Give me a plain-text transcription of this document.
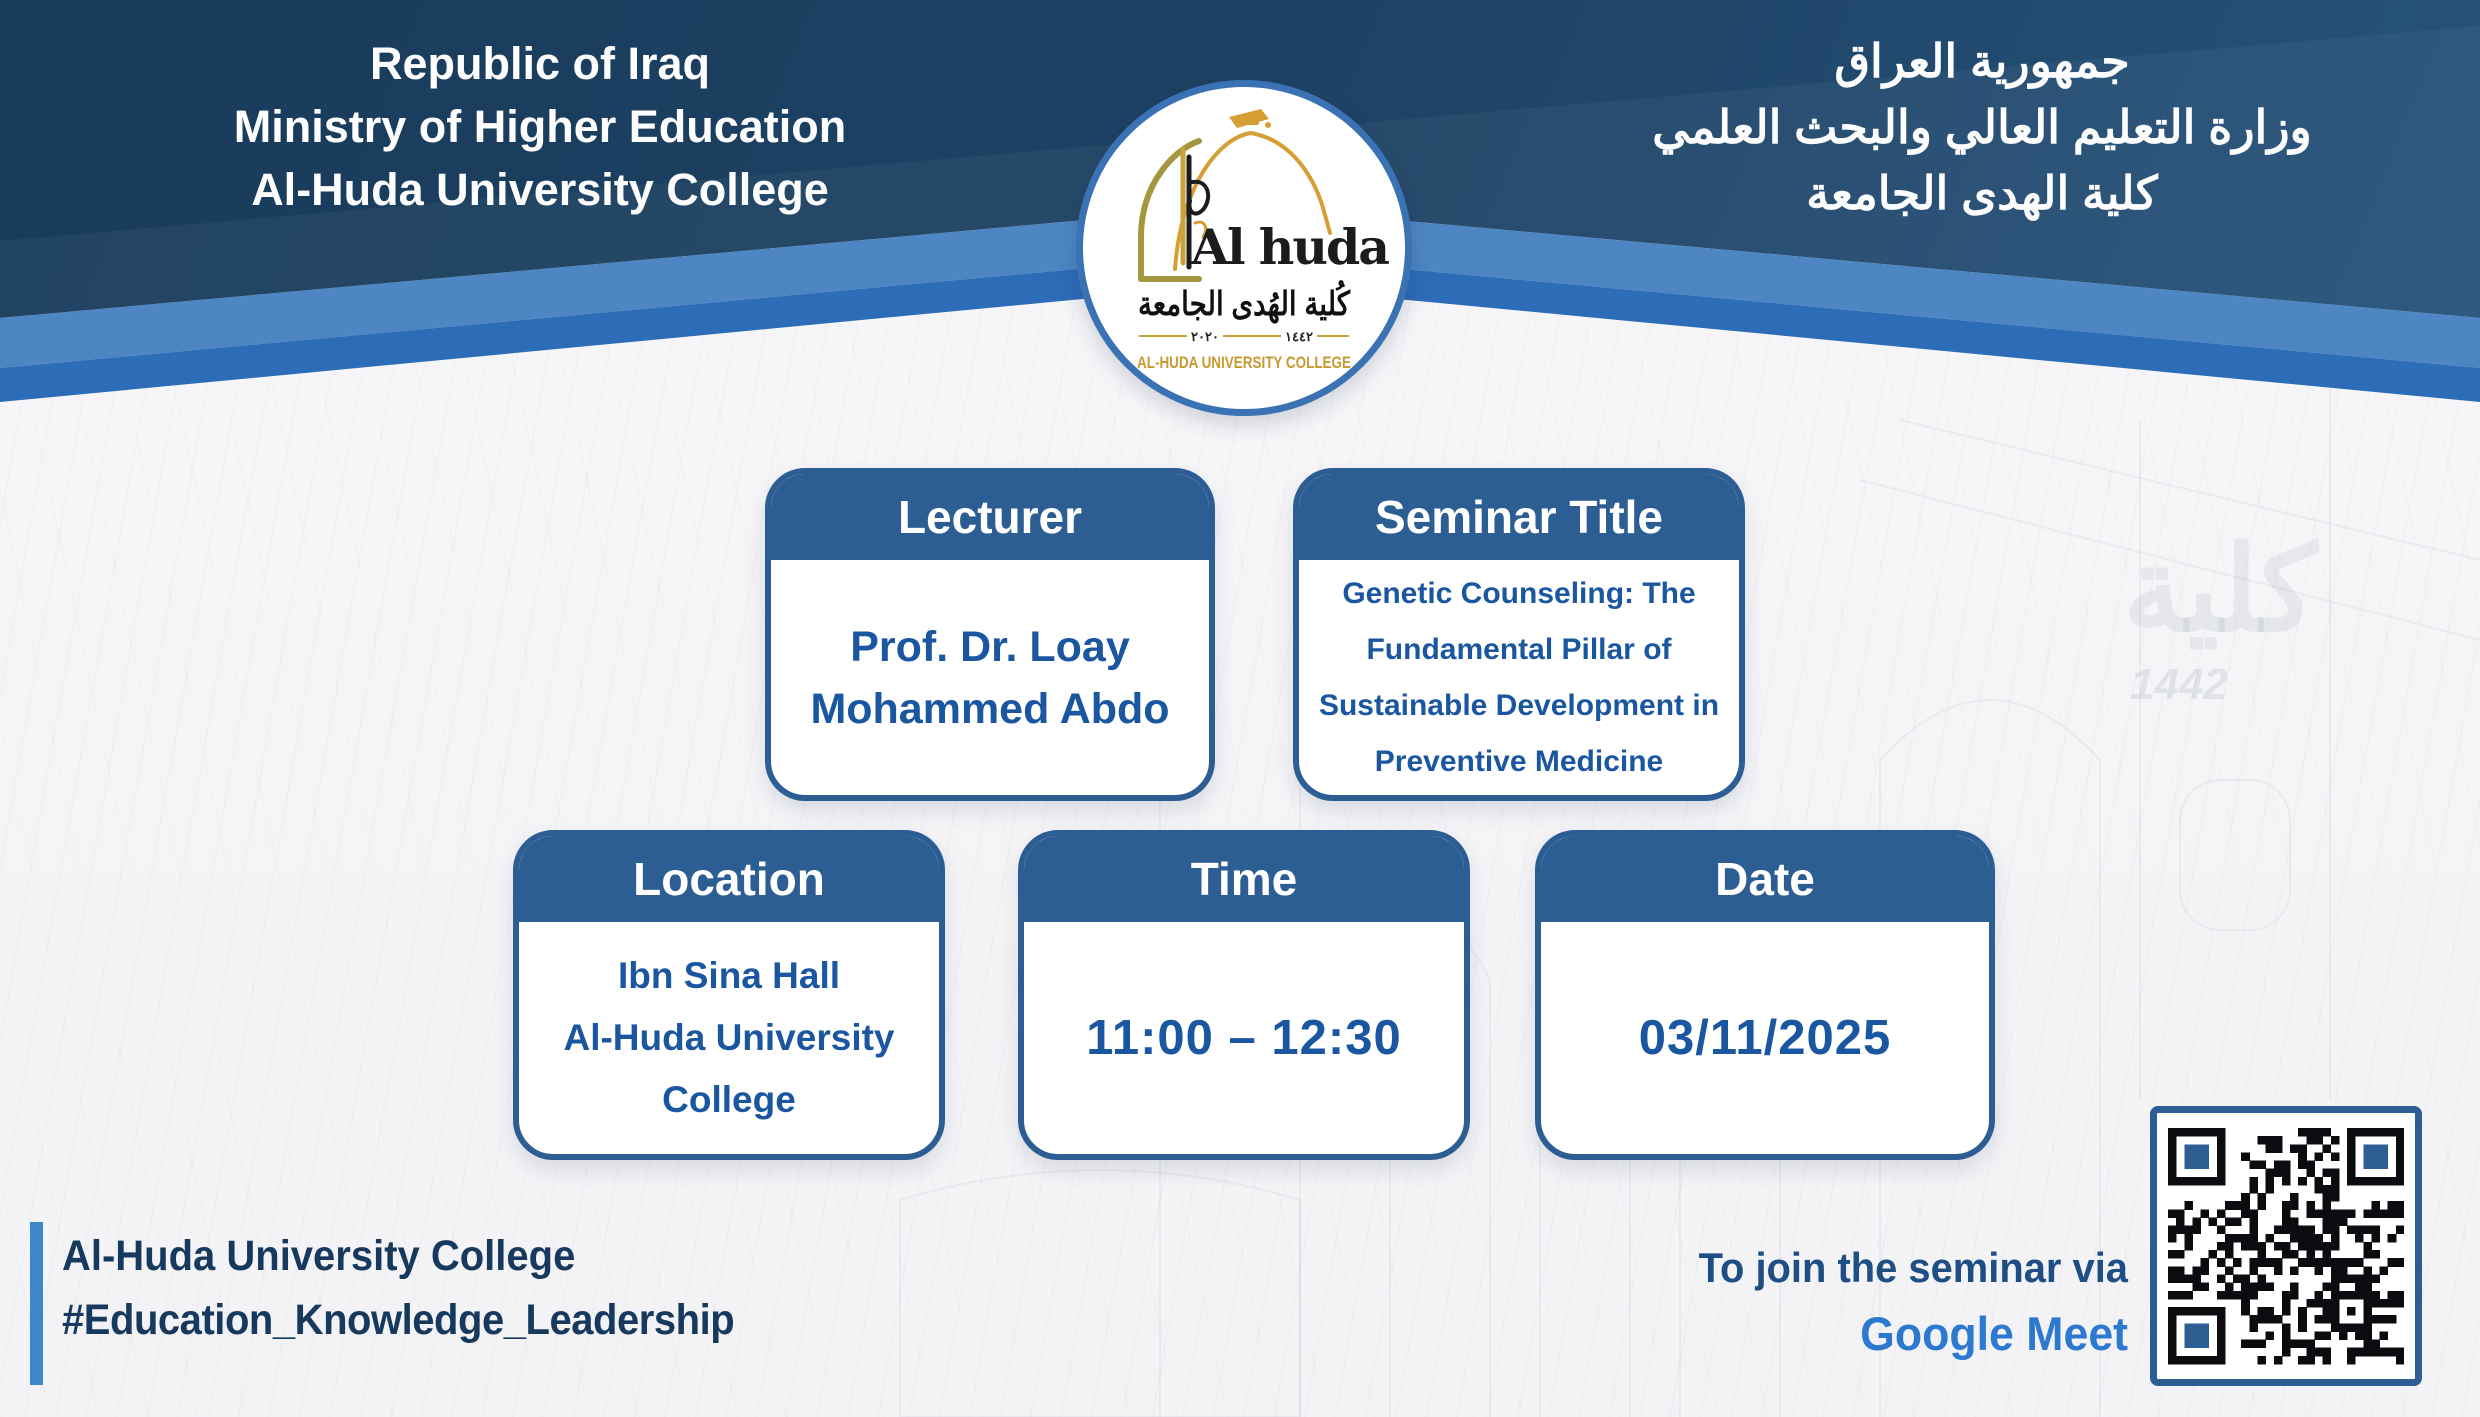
كلية
1442
Republic of Iraq
Ministry of Higher Education
Al-Huda University College
جمهورية العراق
وزارة التعليم العالي والبحث العلمي
كلية الهدى الجامعة
Al huda
كُلية الهُدى الجامعة
٢٠٢٠	١٤٤٢
AL-HUDA UNIVERSITY COLLEGE
Lecturer
Prof. Dr. Loay
Mohammed Abdo
Seminar Title
Genetic Counseling: The
Fundamental Pillar of
Sustainable Development in
Preventive Medicine
Location
Ibn Sina Hall
Al-Huda University
College
Time
11:00 – 12:30
Date
03/11/2025
Al-Huda University College
#Education_Knowledge_Leadership
To join the seminar via
Google Meet
